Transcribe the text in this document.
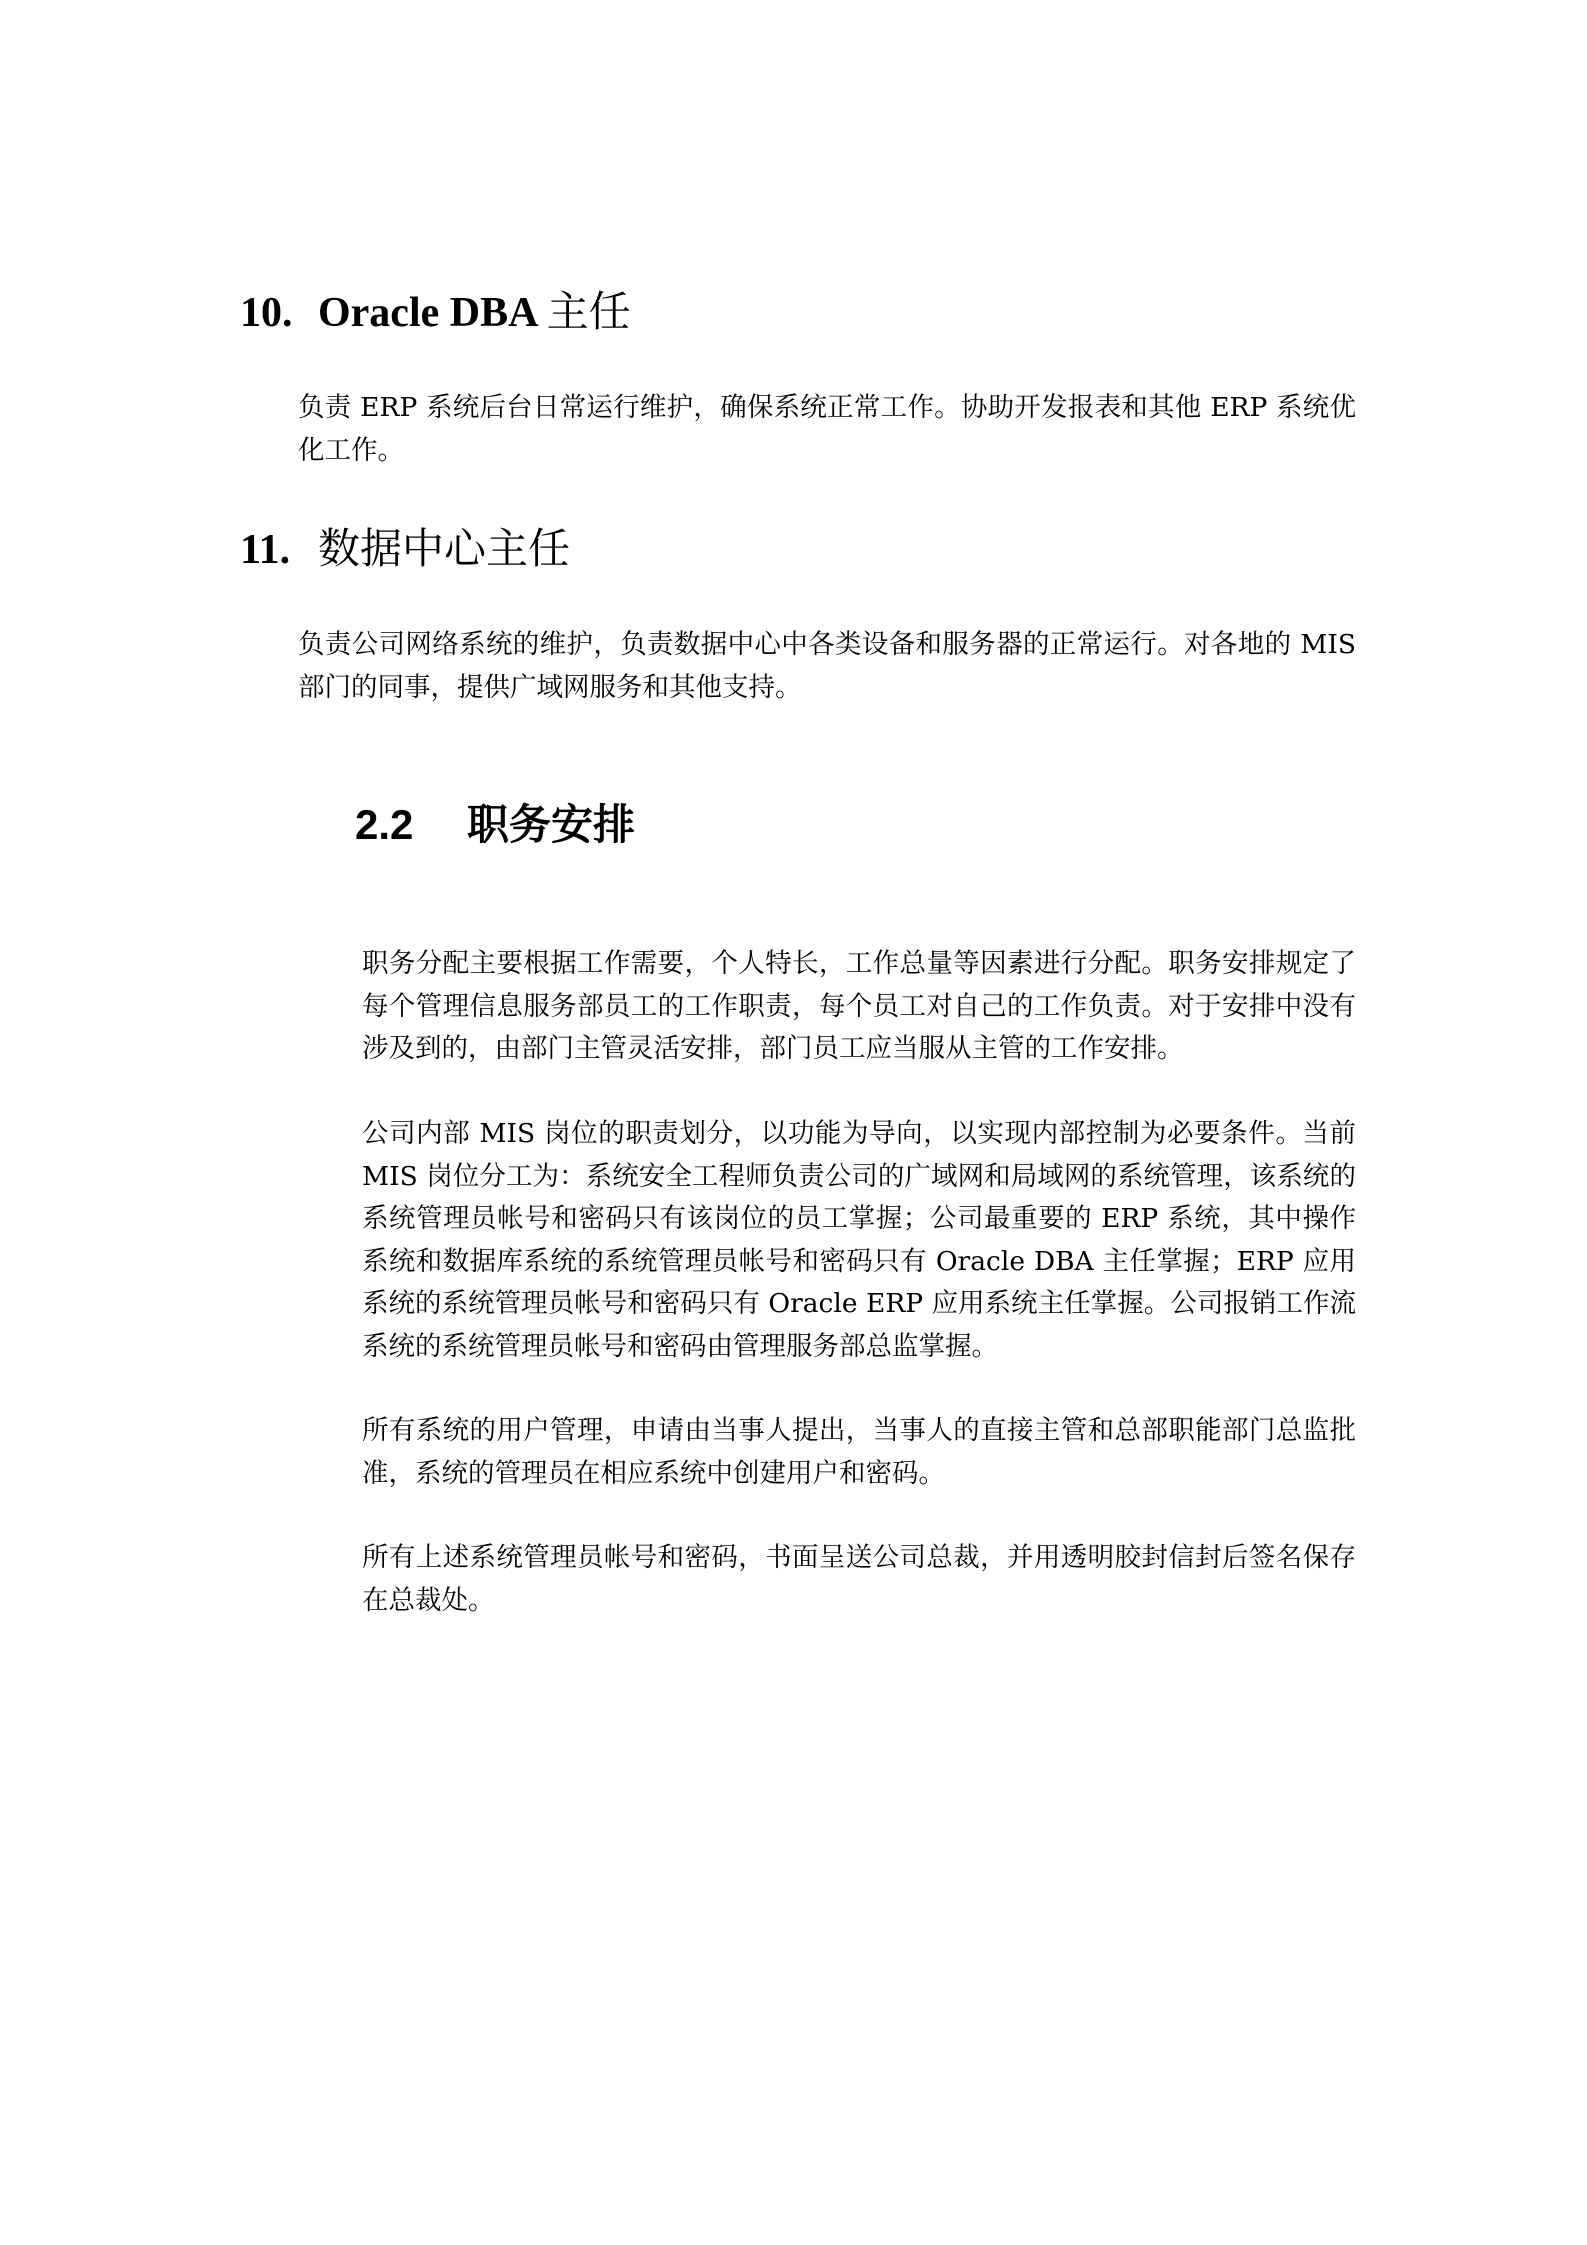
10. Oracle DBA 主任

负责 ERP 系统后台日常运行维护，确保系统正常工作。协助开发报表和其他 ERP 系统优化工作。

11. 数据中心主任

负责公司网络系统的维护，负责数据中心中各类设备和服务器的正常运行。对各地的 MIS 部门的同事，提供广域网服务和其他支持。

2.2 职务安排

职务分配主要根据工作需要，个人特长，工作总量等因素进行分配。职务安排规定了每个管理信息服务部员工的工作职责，每个员工对自己的工作负责。对于安排中没有涉及到的，由部门主管灵活安排，部门员工应当服从主管的工作安排。

公司内部 MIS 岗位的职责划分，以功能为导向，以实现内部控制为必要条件。当前 MIS 岗位分工为：系统安全工程师负责公司的广域网和局域网的系统管理，该系统的系统管理员帐号和密码只有该岗位的员工掌握；公司最重要的 ERP 系统，其中操作系统和数据库系统的系统管理员帐号和密码只有 Oracle DBA 主任掌握；ERP 应用系统的系统管理员帐号和密码只有 Oracle ERP 应用系统主任掌握。公司报销工作流系统的系统管理员帐号和密码由管理服务部总监掌握。

所有系统的用户管理，申请由当事人提出，当事人的直接主管和总部职能部门总监批准，系统的管理员在相应系统中创建用户和密码。

所有上述系统管理员帐号和密码，书面呈送公司总裁，并用透明胶封信封后签名保存在总裁处。
